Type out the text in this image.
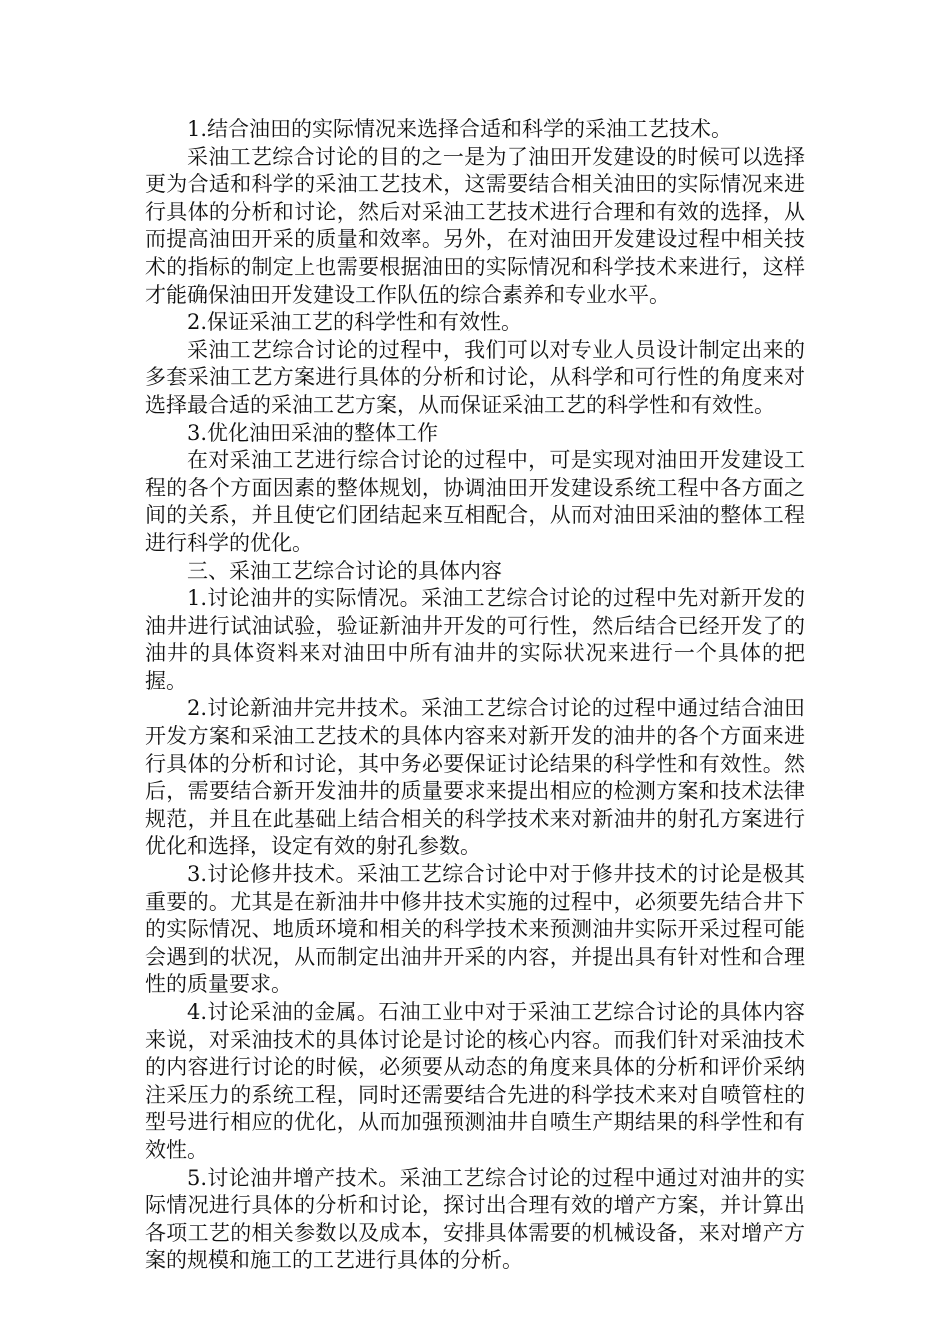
1.结合油田的实际情况来选择合适和科学的采油工艺技术。

采油工艺综合讨论的目的之一是为了油田开发建设的时候可以选择更为合适和科学的采油工艺技术，这需要结合相关油田的实际情况来进行具体的分析和讨论，然后对采油工艺技术进行合理和有效的选择，从而提高油田开采的质量和效率。另外，在对油田开发建设过程中相关技术的指标的制定上也需要根据油田的实际情况和科学技术来进行，这样才能确保油田开发建设工作队伍的综合素养和专业水平。

2.保证采油工艺的科学性和有效性。

采油工艺综合讨论的过程中，我们可以对专业人员设计制定出来的多套采油工艺方案进行具体的分析和讨论，从科学和可行性的角度来对选择最合适的采油工艺方案，从而保证采油工艺的科学性和有效性。

3.优化油田采油的整体工作

在对采油工艺进行综合讨论的过程中，可是实现对油田开发建设工程的各个方面因素的整体规划，协调油田开发建设系统工程中各方面之间的关系，并且使它们团结起来互相配合，从而对油田采油的整体工程进行科学的优化。

三、采油工艺综合讨论的具体内容

1.讨论油井的实际情况。采油工艺综合讨论的过程中先对新开发的油井进行试油试验，验证新油井开发的可行性，然后结合已经开发了的油井的具体资料来对油田中所有油井的实际状况来进行一个具体的把握。

2.讨论新油井完井技术。采油工艺综合讨论的过程中通过结合油田开发方案和采油工艺技术的具体内容来对新开发的油井的各个方面来进行具体的分析和讨论，其中务必要保证讨论结果的科学性和有效性。然后，需要结合新开发油井的质量要求来提出相应的检测方案和技术法律规范，并且在此基础上结合相关的科学技术来对新油井的射孔方案进行优化和选择，设定有效的射孔参数。

3.讨论修井技术。采油工艺综合讨论中对于修井技术的讨论是极其重要的。尤其是在新油井中修井技术实施的过程中，必须要先结合井下的实际情况、地质环境和相关的科学技术来预测油井实际开采过程可能会遇到的状况，从而制定出油井开采的内容，并提出具有针对性和合理性的质量要求。

4.讨论采油的金属。石油工业中对于采油工艺综合讨论的具体内容来说，对采油技术的具体讨论是讨论的核心内容。而我们针对采油技术的内容进行讨论的时候，必须要从动态的角度来具体的分析和评价采纳注采压力的系统工程，同时还需要结合先进的科学技术来对自喷管柱的型号进行相应的优化，从而加强预测油井自喷生产期结果的科学性和有效性。

5.讨论油井增产技术。采油工艺综合讨论的过程中通过对油井的实际情况进行具体的分析和讨论，探讨出合理有效的增产方案，并计算出各项工艺的相关参数以及成本，安排具体需要的机械设备，来对增产方案的规模和施工的工艺进行具体的分析。
